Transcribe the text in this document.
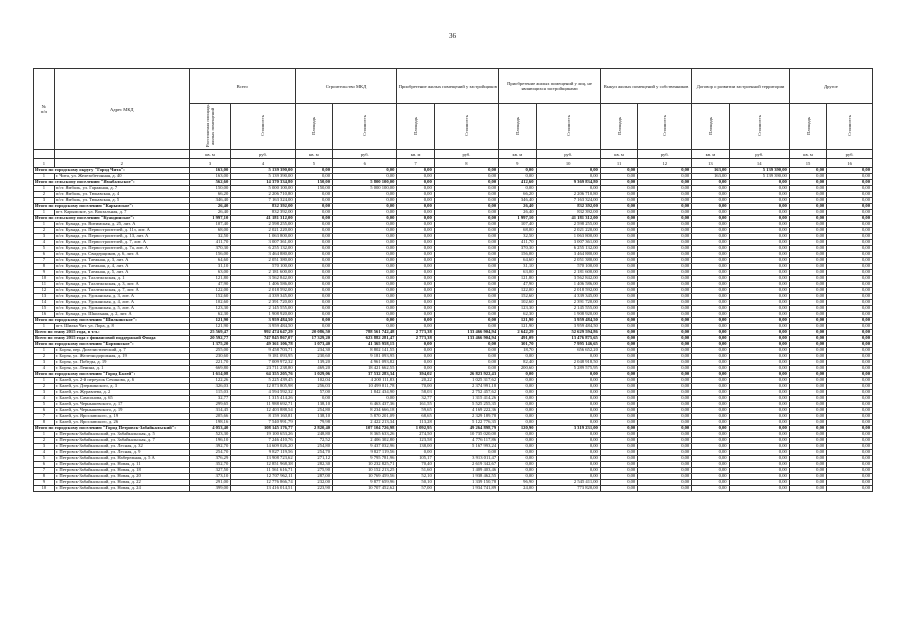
36
№
п/п	Адрес МКД	Всего		Строительство МКД		Приобретение жилых помещений у застройщиков		Приобретение жилых помещений у лиц, не являющихся застройщиками		Выкуп жилых помещений у собственников		Договор о развитии застроенной территории		Другое	
		Расселяемая площадь жилых помещений	Стоимость	Площадь	Стоимость	Площадь	Стоимость	Площадь	Стоимость	Площадь	Стоимость	Площадь	Стоимость	Площадь	Стоимость
		кв. м	руб.	кв. м	руб.	кв. м	руб.	кв. м	руб.	кв. м	руб.	кв. м	руб.	кв. м	руб.
1	2	3	4	5	6	7	8	9	10	11	12	13	14	15	16
Итого по городскому округу "Город Чита":		163,00	5 139 390,00	0,00	0,00	0,00	0,00	0,00	0,00	0,00	0,00	163,00	5 139 390,00	0,00	0,00
1	г. Чита, ул. Железобетонная, д. 40	163,00	5 139 390,00	0,00	0,00	0,00	0,00	0,00	0,00	0,00	0,00	163,00	5 139 390,00	0,00	0,00
Итого по сельскому поселению "Ямабальское":		562,60	14 370 334,80	150,00	5 800 100,00	0,00	0,00	412,60	9 369 834,80	0,00	0,00	0,00	0,00	0,00	0,00
1	п/ст. Ямбаль, ул. Гаражная, д. 7	150,00	5 000 100,00	150,00	5 000 100,00	0,00	0,00	0,00	0,00	0,00	0,00	0,00	0,00	0,00	0,00
2	п/ст. Ямбаль, ул. Тюкавская, д. 4	66,20	2 206 710,80	0,00	0,00	0,00	0,00	66,20	2 206 710,80	0,00	0,00	0,00	0,00	0,00	0,00
3	п/ст. Ямбаль, ул. Тюкавская, д. 5	346,40	7 163 324,00	0,00	0,00	0,00	0,00	346,40	7 163 324,00	0,00	0,00	0,00	0,00	0,00	0,00
Итого по городскому поселению "Карымское":		26,40	832 392,00	0,00	0,00	0,00	0,00	26,40	832 392,00	0,00	0,00	0,00	0,00	0,00	0,00
1	пгт. Карымское, ул. Вокзальная, д. 7	26,40	832 392,00	0,00	0,00	0,00	0,00	26,40	832 392,00	0,00	0,00	0,00	0,00	0,00	0,00
Итого по сельскому поселению "Куандинское":		1 997,10	41 181 312,00	0,00	0,00	0,00	0,00	1 997,10	41 181 312,00	0,00	0,00	0,00	0,00	0,00	0,00
1	п/ст. Куанда, ул. Витимская, д. 25, лит. А	107,40	2 598 255,00	0,00	0,00	0,00	0,00	107,40	2 598 255,00	0,00	0,00	0,00	0,00	0,00	0,00
2	п/ст. Куанда, ул. Первостроителей, д. 11з, лит. А	68,00	2 021 220,00	0,00	0,00	0,00	0,00	68,00	2 021 220,00	0,00	0,00	0,00	0,00	0,00	0,00
3	п/ст. Куанда, ул. Первостроителей, д. 13, лит. А	32,50	1 063 800,00	0,00	0,00	0,00	0,00	32,50	1 063 800,00	0,00	0,00	0,00	0,00	0,00	0,00
4	п/ст. Куанда, ул. Первостроителей, д. 7, лит. А	411,70	3 007 361,00	0,00	0,00	0,00	0,00	411,70	3 007 361,00	0,00	0,00	0,00	0,00	0,00	0,00
5	п/ст. Куанда, ул. Первостроителей, д. 7а, лит. А	370,30	6 255 132,00	0,00	0,00	0,00	0,00	370,30	6 255 132,00	0,00	0,00	0,00	0,00	0,00	0,00
6	п/ст. Куанда, ул. Свидерщиков, д. 6, лит. А	156,00	3 464 880,00	0,00	0,00	0,00	0,00	156,00	3 464 880,00	0,00	0,00	0,00	0,00	0,00	0,00
7	п/ст. Куанда, ул. Таежная, д. 3, лит. А	64,60	2 051 380,00	0,00	0,00	0,00	0,00	64,60	2 051 380,00	0,00	0,00	0,00	0,00	0,00	0,00
8	п/ст. Куанда, ул. Таежная, д. 4, лит. А	31,10	570 100,00	0,00	0,00	0,00	0,00	31,10	570 100,00	0,00	0,00	0,00	0,00	0,00	0,00
9	п/ст. Куанда, ул. Таежная, д. 5, лит. А	63,00	2 181 600,00	0,00	0,00	0,00	0,00	63,00	2 181 600,00	0,00	0,00	0,00	0,00	0,00	0,00
10	п/ст. Куанда, ул. Таллежскская, д. 1	121,80	3 562 842,00	0,00	0,00	0,00	0,00	121,80	3 562 842,00	0,00	0,00	0,00	0,00	0,00	0,00
11	п/ст. Куанда, ул. Таллежскская, д. 3, лит. А	47,90	1 406 586,00	0,00	0,00	0,00	0,00	47,90	1 406 586,00	0,00	0,00	0,00	0,00	0,00	0,00
12	п/ст. Куанда, ул. Таллежскская, д. 7, лит. А	122,00	2 018 592,00	0,00	0,00	0,00	0,00	122,00	2 018 592,00	0,00	0,00	0,00	0,00	0,00	0,00
13	п/ст. Куанда, ул. Удоканская, д. 3, лит. А	152,60	4 339 345,00	0,00	0,00	0,00	0,00	152,60	4 339 345,00	0,00	0,00	0,00	0,00	0,00	0,00
14	п/ст. Куанда, ул. Удоканская, д. 4, лит. А	102,60	2 391 720,00	0,00	0,00	0,00	0,00	102,60	2 391 720,00	0,00	0,00	0,00	0,00	0,00	0,00
15	п/ст. Куанда, ул. Удоканская, д. 5, лит. А	123,30	2 145 555,00	0,00	0,00	0,00	0,00	123,30	2 145 555,00	0,00	0,00	0,00	0,00	0,00	0,00
16	п/ст. Куанда, ул. Школьная, д. 2, лит. А	62,30	1 908 920,00	0,00	0,00	0,00	0,00	62,30	1 908 920,00	0,00	0,00	0,00	0,00	0,00	0,00
Итого по городскому поселению "Шилкинское":		121,90	3 959 484,50	0,00	0,00	0,00	0,00	121,90	3 959 484,50	0,00	0,00	0,00	0,00	0,00	0,00
1	пгт. Шилка Чит. ул. Лора, д. 8	121,90	3 959 484,50	0,00	0,00	0,00	0,00	121,90	3 959 484,50	0,00	0,00	0,00	0,00	0,00	0,00
Всего по этапу 2015 года, в т.ч.:		25 569,47	992 474 647,29	20 086,50	788 561 742,48	2 773,38	133 466 904,94	2 642,29	52 629 594,86	0,00	0,00	0,00	0,00	0,00	0,00
Всего по этапу 2015 года с финансовой поддержкой Фонда		20 592,77	747 845 867,07	17 329,20	623 882 281,47	2 773,38	133 466 904,94	491,09	13 476 875,65	0,00	0,00	0,00	0,00	0,00	0,00
Итого по городскому поселению "Борзинское":		1 375,20	49 361 106,78	1 073,40	41 365 958,15	0,00	0,00	301,70	7 995 146,65	0,00	0,00	0,00	0,00	0,00	0,00
1	г. Борзя, пер. Дизелистический, д. 7	255,00	9 458 703,71	234,30	8 802 141,55	0,00	0,00	18,70	656 652,20	0,00	0,00	0,00	0,00	0,00	0,00
2	г. Борзя, ул. Железнодорожная, д. 19	230,60	9 181 093,95	230,60	9 181 093,95	0,00	0,00	0,00	0,00	0,00	0,00	0,00	0,00	0,00	0,00
3	г. Борзя, ул. Победы, д. 19	221,70	7 009 972,32	139,20	4 961 093,82	0,00	0,00	82,40	2 048 918,50	0,00	0,00	0,00	0,00	0,00	0,00
4	г. Борзя, ул. Ленина, д. 1	669,80	23 711 238,80	469,20	18 421 662,55	0,00	0,00	200,60	5 289 575,95	0,00	0,00	0,00	0,00	0,00	0,00
Итого по городскому поселению "Город Балей":		1 614,08	64 355 205,76	1 029,06	37 532 283,34	394,02	26 823 922,43	0,00	0,00	0,00	0,00	0,00	0,00	0,00	0,00
1	г. Балей, ул. 2-й переулок Сечинова, д. 6	122,26	5 225 439,45	102,04	4 200 111,83	20,22	1 025 317,62	0,00	0,00	0,00	0,00	0,00	0,00	0,00	0,00
2	г. Балей, ул. Дзержинского, д. 3	326,03	12 873 805,98	256,03	10 499 811,78	70,00	2 374 991,18	0,00	0,00	0,00	0,00	0,00	0,00	0,00	0,00
3	г. Балей, ул. Журавлева, д. 2	115,03	4 594 592,32	57,00	1 842 434,90	58,03	2 752 457,62	0,00	0,00	0,00	0,00	0,00	0,00	0,00	0,00
4	г. Балей, ул. Самсонова, д. 65	32,77	1 315 414,26	0,00	0,00	32,77	1 315 414,26	0,00	0,00	0,00	0,00	0,00	0,00	0,00	0,00
5	г. Балей, ул. Чернышевского, д. 17	299,65	11 988 692,71	138,10	6 463 437,36	161,55	5 525 255,35	0,00	0,00	0,00	0,00	0,00	0,00	0,00	0,00
6	г. Балей, ул. Чернышевского, д. 19	314,45	12 403 888,54	254,80	8 234 666,18	59,65	4 169 222,36	0,00	0,00	0,00	0,00	0,00	0,00	0,00	0,00
7	г. Балей, ул. Ярославского, д. 19	205,66	8 159 160,81	138,10	5 870 201,09	68,65	2 329 189,78	0,00	0,00	0,00	0,00	0,00	0,00	0,00	0,00
8	г. Балей, ул. Ярославского, д. 26	198,16	7 540 991,79	79,98	2 422 213,34	113,28	5 122 776,35	0,00	0,00	0,00	0,00	0,00	0,00	0,00	0,00
Итого по городскому поселению "Город Петровск-Забайкальский":		4 053,40	108 145 176,77	2 820,40	107 104 726,98	1 092,95	49 264 898,79	120,90	3 319 231,00	0,00	0,00	0,00	0,00	0,00	0,00
1	г. Петровск-Забайкальский, ул. Забайкальская, д. 5	523,30	19 100 653,26	248,80	8 365 633,26	274,50	10 735 020,00	0,00	0,00	0,00	0,00	0,00	0,00	0,00	0,00
2	г. Петровск-Забайкальский, ул. Забайкальская, д. 7	196,10	7 246 410,76	72,52	2 406 302,80	123,58	4 776 117,86	0,00	0,00	0,00	0,00	0,00	0,00	0,00	0,00
3	г. Петровск-Забайкальский, ул. Лесная, д. 32	392,70	14 609 026,20	254,80	9 437 032,96	138,00	5 167 993,24	0,00	0,00	0,00	0,00	0,00	0,00	0,00	0,00
4	г. Петровск-Забайкальский, ул. Лесная, д. 9	254,70	9 827 119,56	254,70	9 827 119,56	0,00	0,00	0,00	0,00	0,00	0,00	0,00	0,00	0,00	0,00
5	г. Петровск-Забайкальский, ул. Набережная, д. 5 А	376,29	13 908 723,62	271,12	9 795 781,96	105,17	3 913 011,47	0,00	0,00	0,00	0,00	0,00	0,00	0,00	0,00
6	г. Петровск-Забайкальский, ул. Новая, д. 11	352,70	12 851 968,38	282,30	10 232 825,71	70,40	2 619 342,67	0,00	0,00	0,00	0,00	0,00	0,00	0,00	0,00
7	г. Петровск-Забайкальский, ул. Новая, д. 18	327,50	11 561 616,71	275,90	10 152 213,25	51,60	1 409 403,46	0,00	0,00	0,00	0,00	0,00	0,00	0,00	0,00
8	г. Петровск-Забайкальский, ул. Новая, д. 20	373,10	12 707 962,11	287,00	10 769 459,56	52,10	1 938 462,55	0,00	0,00	0,00	0,00	0,00	0,00	0,00	0,00
9	г. Петровск-Забайкальский, ул. Новая, д. 22	291,00	12 776 866,74	232,00	9 877 659,96	50,10	1 339 150,78	96,90	2 545 411,00	0,00	0,00	0,00	0,00	0,00	0,00
10	г. Петровск-Забайкальский, ул. Новая, д. 24	399,00	13 416 014,51	223,90	10 707 452,62	57,00	1 934 741,89	24,00	773 820,00	0,00	0,00	0,00	0,00	0,00	0,00
